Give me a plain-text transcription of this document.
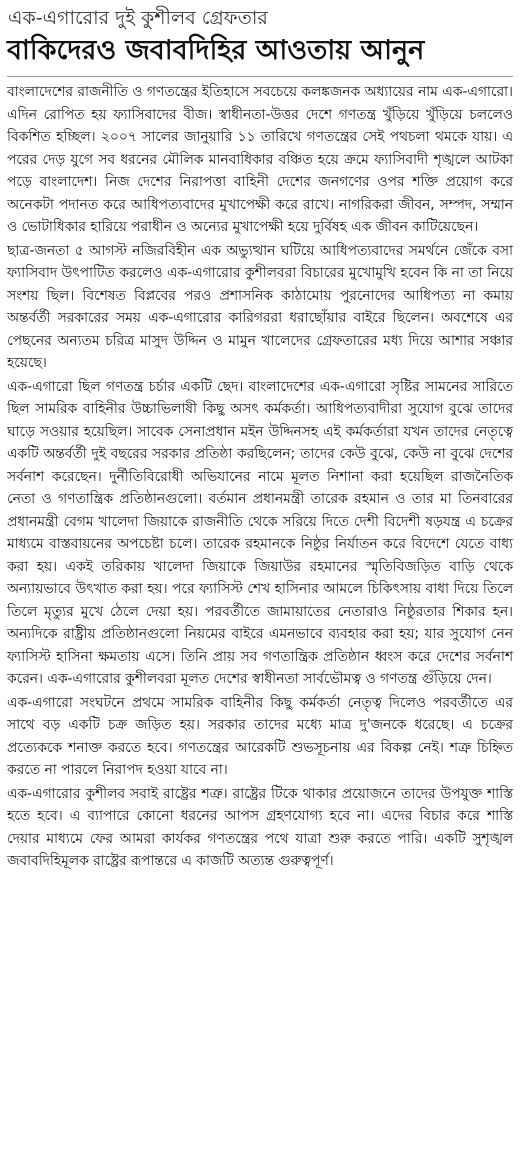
এক-এগারোর দুই কুশীলব গ্রেফতার
বাকিদেরও জবাবদিহির আওতায় আনুন

বাংলাদেশের রাজনীতি ও গণতন্ত্রের ইতিহাসে সবচেয়ে কলঙ্কজনক অধ্যায়ের নাম এক-এগারো। এদিন রোপিত হয় ফ্যাসিবাদের বীজ। স্বাধীনতা-উত্তর দেশে গণতন্ত্র খুঁড়িয়ে খুঁড়িয়ে চললেও বিকশিত হচ্ছিল। ২০০৭ সালের জানুয়ারি ১১ তারিখে গণতন্ত্রের সেই পথচলা থমকে যায়। এ পরের দেড় যুগে সব ধরনের মৌলিক মানবাধিকার বঞ্চিত হয়ে ক্রমে ফ্যাসিবাদী শৃঙ্খলে আটকা পড়ে বাংলাদেশ। নিজ দেশের নিরাপত্তা বাহিনী দেশের জনগণের ওপর শক্তি প্রয়োগ করে অনেকটা পদানত করে আধিপত্যবাদের মুখাপেক্ষী করে রাখে। নাগরিকরা জীবন, সম্পদ, সম্মান ও ভোটাধিকার হারিয়ে পরাধীন ও অন্যের মুখাপেক্ষী হয়ে দুর্বিষহ এক জীবন কাটিয়েছেন।

ছাত্র-জনতা ৫ আগস্ট নজিরবিহীন এক অভ্যুত্থান ঘটিয়ে আধিপত্যবাদের সমর্থনে জেঁকে বসা ফ্যাসিবাদ উৎপাটিত করলেও এক-এগারোর কুশীলবরা বিচারের মুখোমুখি হবেন কি না তা নিয়ে সংশয় ছিল। বিশেষত বিপ্লবের পরও প্রশাসনিক কাঠামোয় পুরনোদের আধিপত্য না কমায় অন্তর্বর্তী সরকারের সময় এক-এগারোর কারিগররা ধরাছোঁয়ার বাইরে ছিলেন। অবশেষে এর পেছনের অন্যতম চরিত্র মাসুদ উদ্দিন ও মামুন খালেদের গ্রেফতারের মধ্য দিয়ে আশার সঞ্চার হয়েছে।

এক-এগারো ছিল গণতন্ত্র চর্চার একটি ছেদ। বাংলাদেশের এক-এগারো সৃষ্টির সামনের সারিতে ছিল সামরিক বাহিনীর উচ্চাভিলাষী কিছু অসৎ কর্মকর্তা। আধিপত্যবাদীরা সুযোগ বুঝে তাদের ঘাড়ে সওয়ার হয়েছিল। সাবেক সেনাপ্রধান মইন উদ্দিনসহ এই কর্মকর্তারা যখন তাদের নেতৃত্বে একটি অন্তর্বর্তী দুই বছরের সরকার প্রতিষ্ঠা করছিলেন; তাদের কেউ বুঝে, কেউ না বুঝে দেশের সর্বনাশ করেছেন। দুর্নীতিবিরোধী অভিযানের নামে মূলত নিশানা করা হয়েছিল রাজনৈতিক নেতা ও গণতান্ত্রিক প্রতিষ্ঠানগুলো। বর্তমান প্রধানমন্ত্রী তারেক রহমান ও তার মা তিনবারের প্রধানমন্ত্রী বেগম খালেদা জিয়াকে রাজনীতি থেকে সরিয়ে দিতে দেশী বিদেশী ষড়যন্ত্র এ চক্রের মাধ্যমে বাস্তবায়নের অপচেষ্টা চলে। তারেক রহমানকে নিষ্ঠুর নির্যাতন করে বিদেশে যেতে বাধ্য করা হয়। একই তরিকায় খালেদা জিয়াকে জিয়াউর রহমানের স্মৃতিবিজড়িত বাড়ি থেকে অন্যায়ভাবে উৎখাত করা হয়। পরে ফ্যাসিস্ট শেখ হাসিনার আমলে চিকিৎসায় বাধা দিয়ে তিলে তিলে মৃত্যুর মুখে ঠেলে দেয়া হয়। পরবর্তীতে জামায়াতের নেতারাও নিষ্ঠুরতার শিকার হন। অন্যদিকে রাষ্ট্রীয় প্রতিষ্ঠানগুলো নিয়মের বাইরে এমনভাবে ব্যবহার করা হয়; যার সুযোগ নেন ফ্যাসিস্ট হাসিনা ক্ষমতায় এসে। তিনি প্রায় সব গণতান্ত্রিক প্রতিষ্ঠান ধ্বংস করে দেশের সর্বনাশ করেন। এক-এগারোর কুশীলবরা মূলত দেশের স্বাধীনতা সার্বভৌমত্ব ও গণতন্ত্র গুঁড়িয়ে দেন।

এক-এগারো সংঘটনে প্রথমে সামরিক বাহিনীর কিছু কর্মকর্তা নেতৃত্ব দিলেও পরবর্তীতে এর সাথে বড় একটি চক্র জড়িত হয়। সরকার তাদের মধ্যে মাত্র দু'জনকে ধরেছে। এ চক্রের প্রত্যেককে শনাক্ত করতে হবে। গণতন্ত্রের আরেকটি শুভসূচনায় এর বিকল্প নেই। শত্রু চিহ্নিত করতে না পারলে নিরাপদ হওয়া যাবে না।

এক-এগারোর কুশীলব সবাই রাষ্ট্রের শত্রু। রাষ্ট্রের টিকে থাকার প্রয়োজনে তাদের উপযুক্ত শাস্তি হতে হবে। এ ব্যাপারে কোনো ধরনের আপস গ্রহণযোগ্য হবে না। এদের বিচার করে শাস্তি দেয়ার মাধ্যমে ফের আমরা কার্যকর গণতন্ত্রের পথে যাত্রা শুরু করতে পারি। একটি সুশৃঙ্খল জবাবদিহিমূলক রাষ্ট্রের রূপান্তরে এ কাজটি অত্যন্ত গুরুত্বপূর্ণ।
